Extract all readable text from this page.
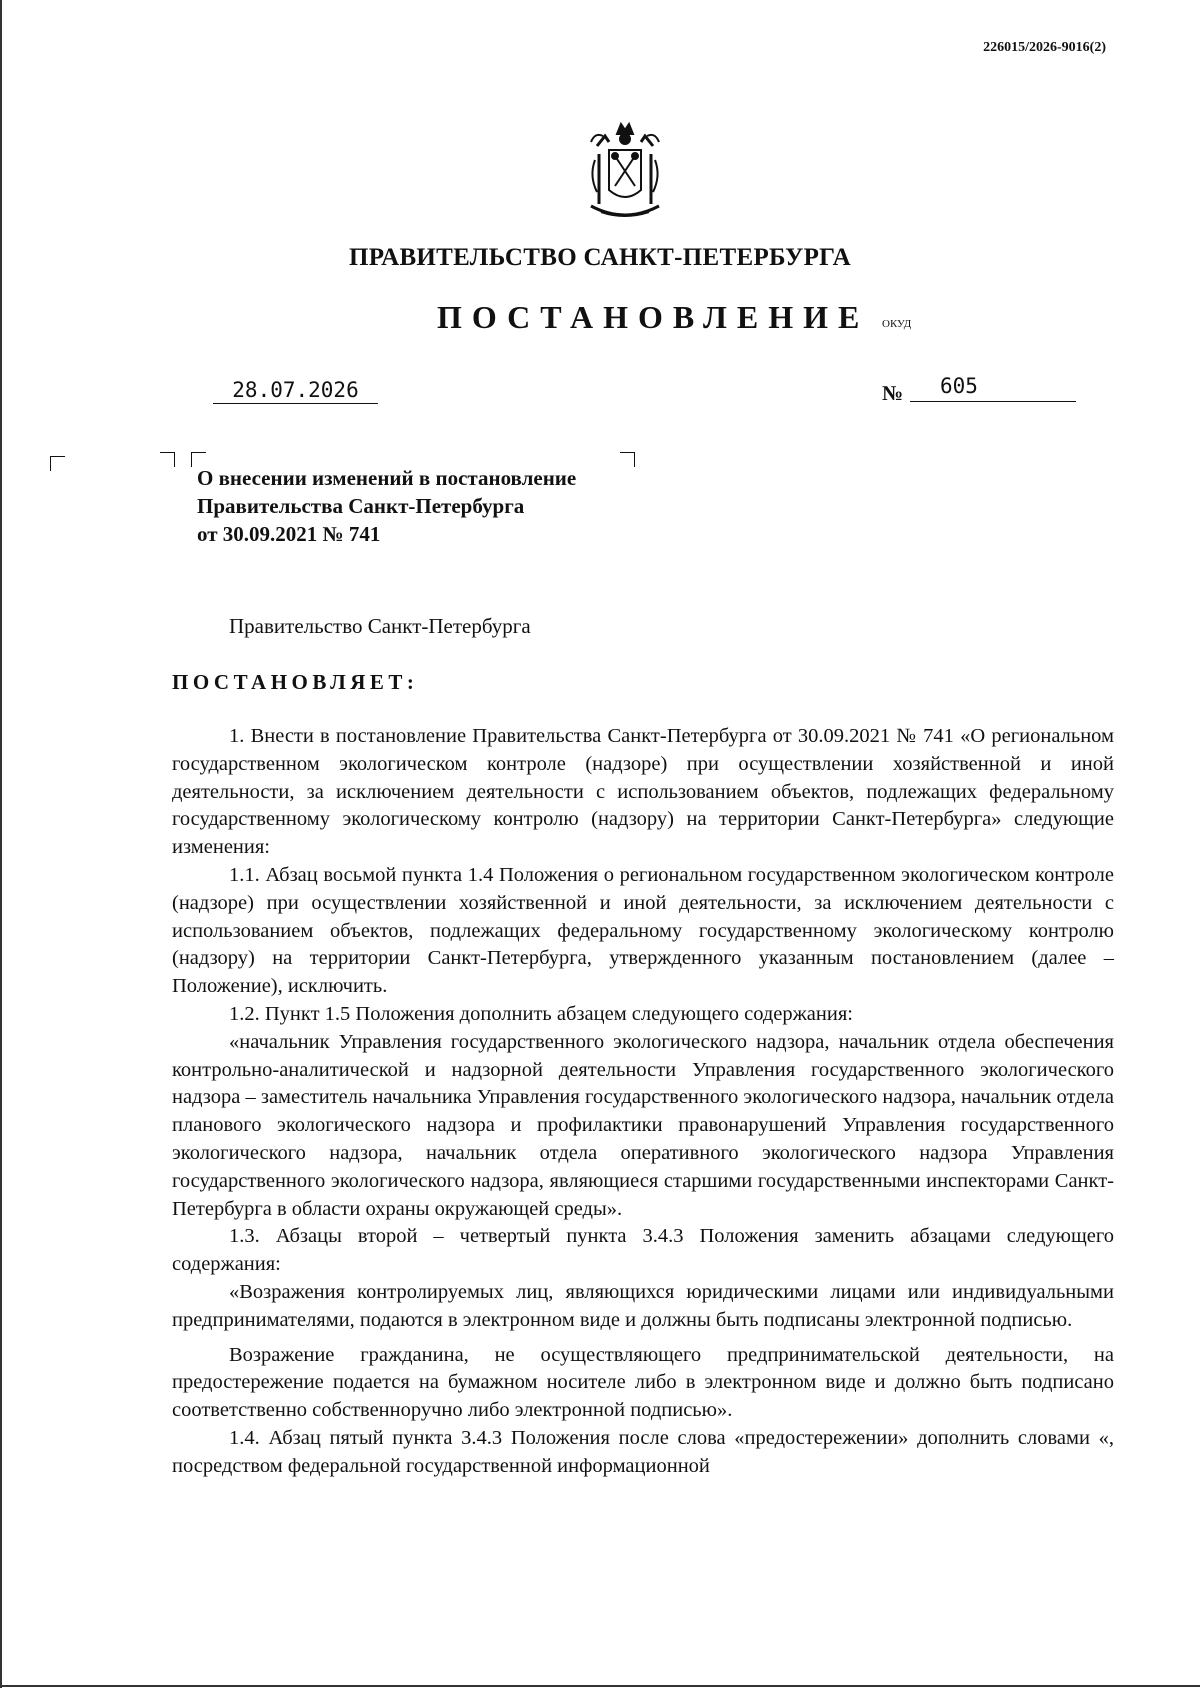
226015/2026-9016(2)
ПРАВИТЕЛЬСТВО САНКТ-ПЕТЕРБУРГА
ПОСТАНОВЛЕНИЕ ОКУД
28.07.2026	№	605
О внесении изменений в постановление
Правительства Санкт-Петербурга
от 30.09.2021 № 741
Правительство Санкт-Петербурга
ПОСТАНОВЛЯЕТ:

1. Внести в постановление Правительства Санкт-Петербурга от 30.09.2021 № 741 «О региональном государственном экологическом контроле (надзоре) при осуществлении хозяйственной и иной деятельности, за исключением деятельности с использованием объектов, подлежащих федеральному государственному экологическому контролю (надзору) на территории Санкт-Петербурга» следующие изменения:

1.1. Абзац восьмой пункта 1.4 Положения о региональном государственном экологическом контроле (надзоре) при осуществлении хозяйственной и иной деятельности, за исключением деятельности с использованием объектов, подлежащих федеральному государственному экологическому контролю (надзору) на территории Санкт-Петербурга, утвержденного указанным постановлением (далее – Положение), исключить.

1.2. Пункт 1.5 Положения дополнить абзацем следующего содержания:

«начальник Управления государственного экологического надзора, начальник отдела обеспечения контрольно-аналитической и надзорной деятельности Управления государственного экологического надзора – заместитель начальника Управления государственного экологического надзора, начальник отдела планового экологического надзора и профилактики правонарушений Управления государственного экологического надзора, начальник отдела оперативного экологического надзора Управления государственного экологического надзора, являющиеся старшими государственными инспекторами Санкт-Петербурга в области охраны окружающей среды».

1.3. Абзацы второй – четвертый пункта 3.4.3 Положения заменить абзацами следующего содержания:

«Возражения контролируемых лиц, являющихся юридическими лицами или индивидуальными предпринимателями, подаются в электронном виде и должны быть подписаны электронной подписью.

Возражение гражданина, не осуществляющего предпринимательской деятельности, на предостережение подается на бумажном носителе либо в электронном виде и должно быть подписано соответственно собственноручно либо электронной подписью».

1.4. Абзац пятый пункта 3.4.3 Положения после слова «предостережении» дополнить словами «, посредством федеральной государственной информационной
